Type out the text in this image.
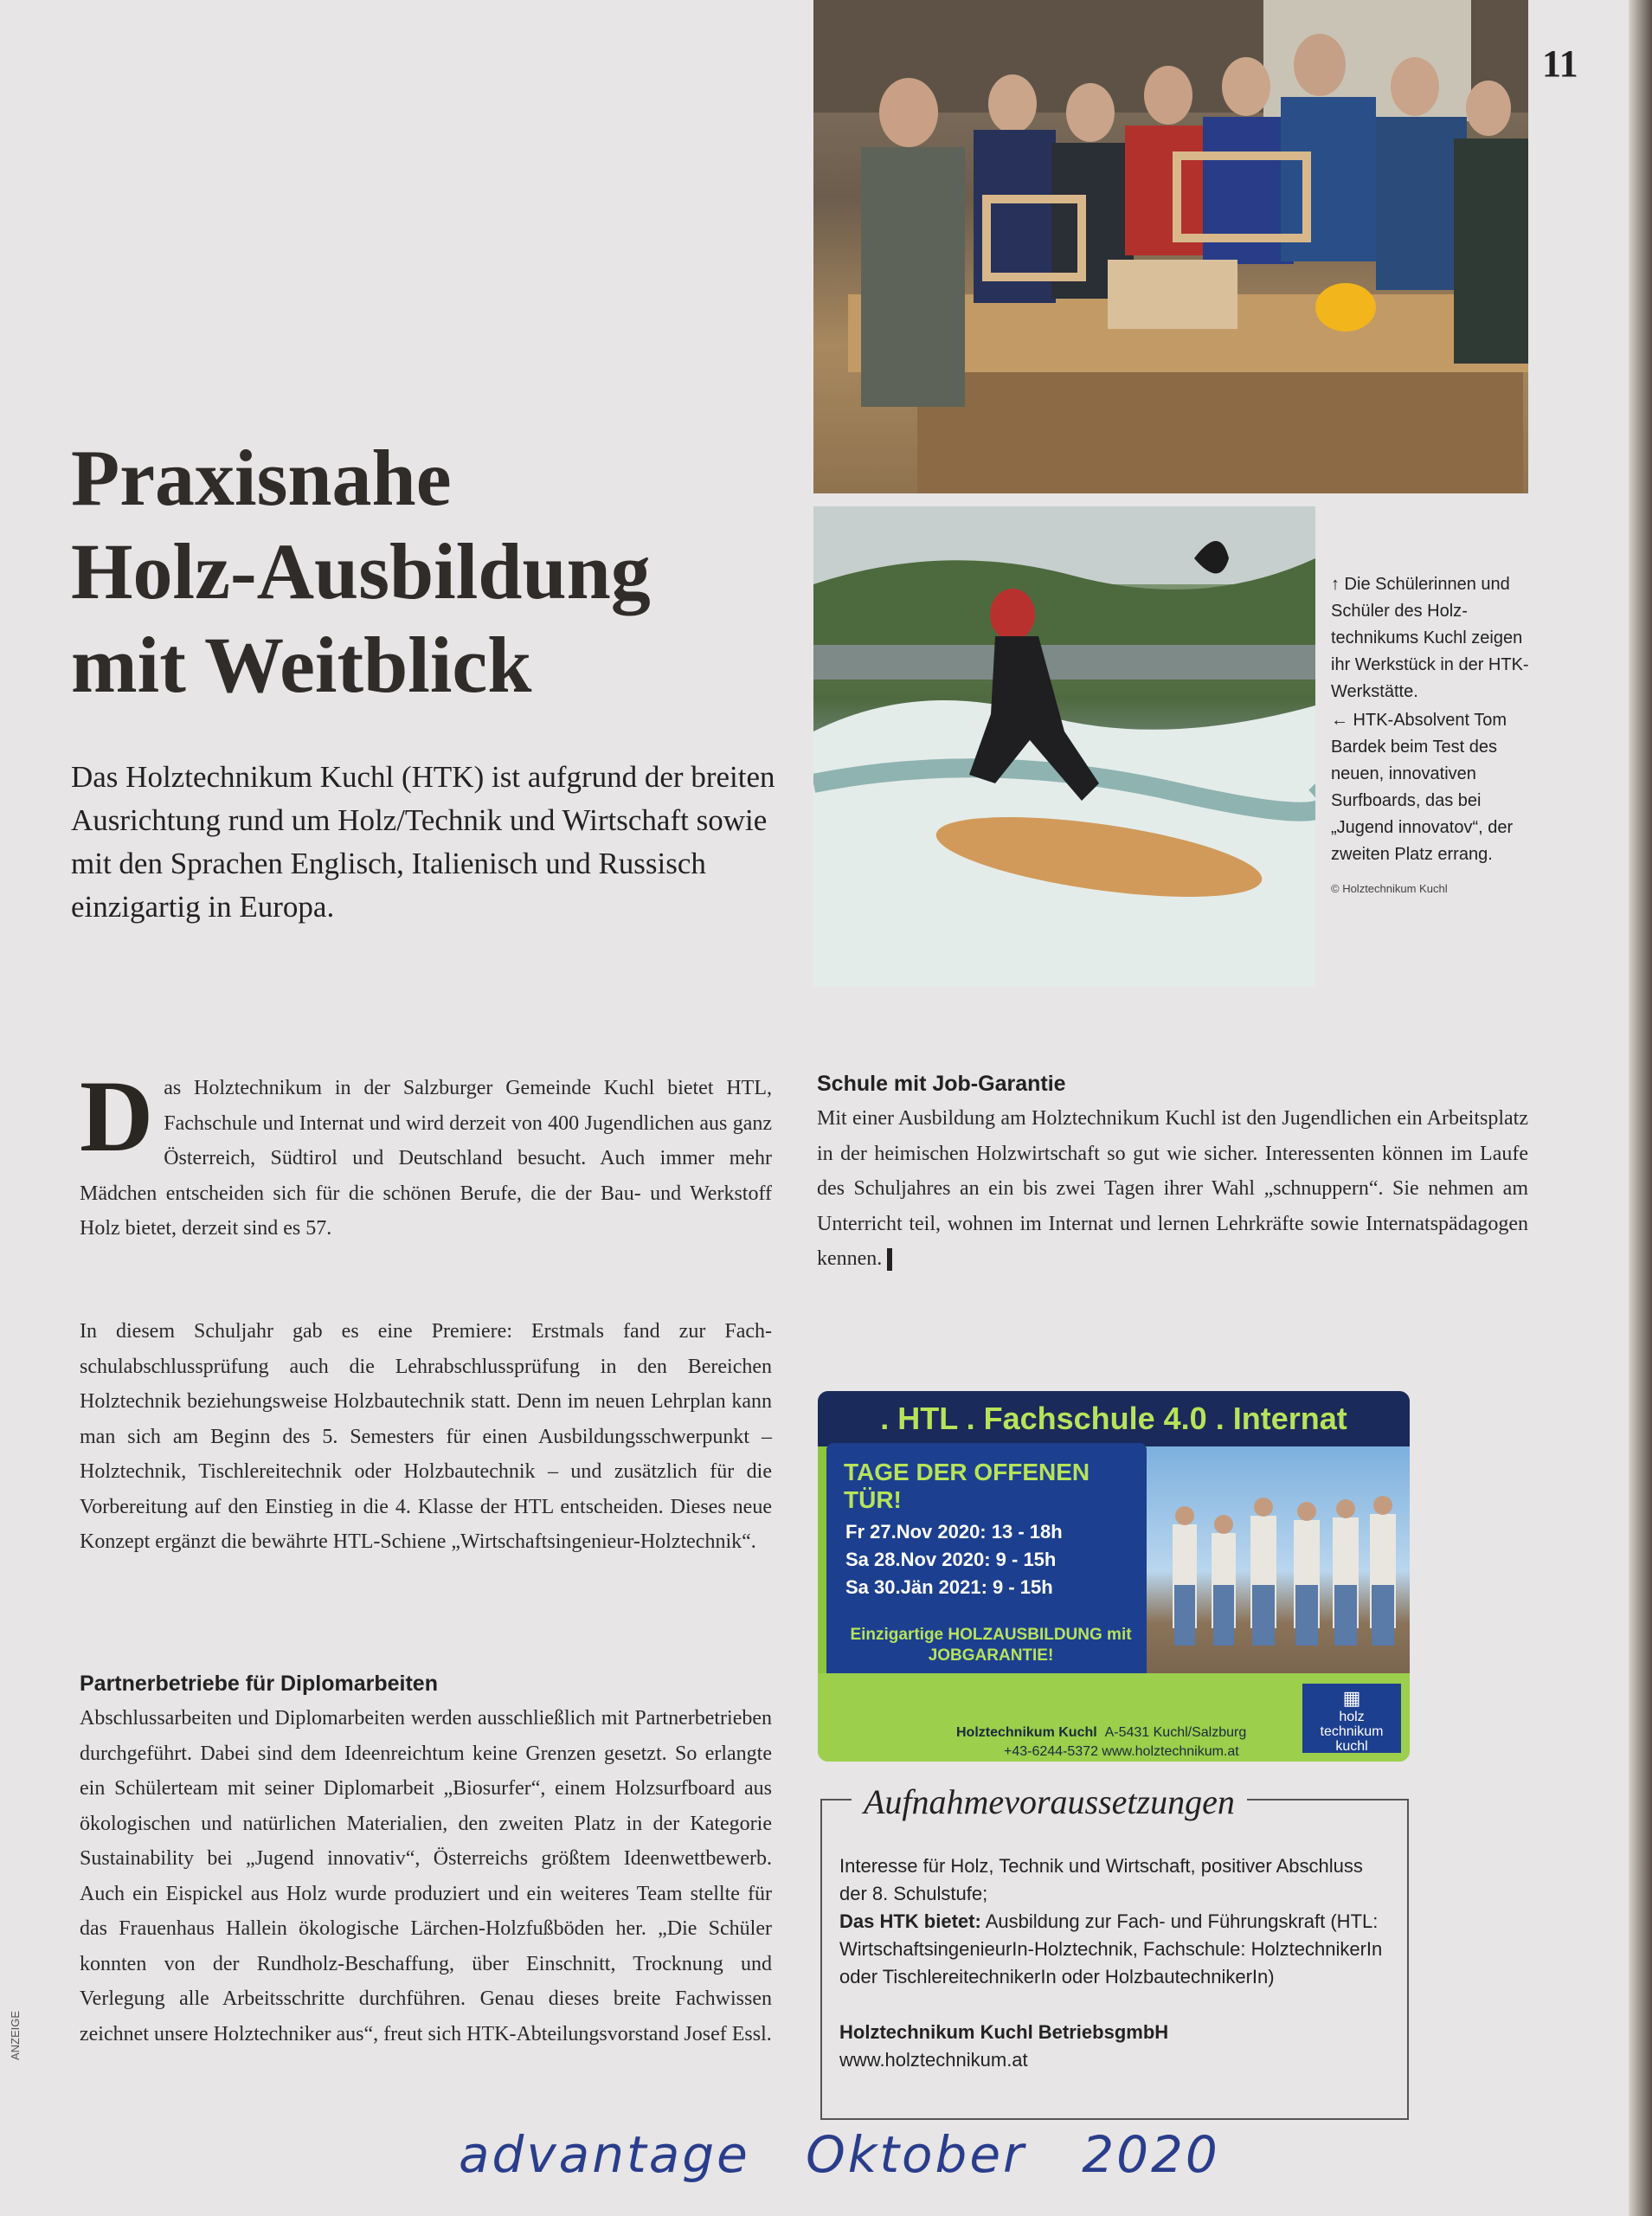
11

↑ Die Schülerinnen und Schüler des Holztechnikums Kuchl zeigen ihr Werkstück in der HTK-Werkstätte.

← HTK-Absolvent Tom Bardek beim Test des neuen, innovativen Surfboards, das bei „Jugend innovatov“, der zweiten Platz errang.

© Holztechnikum Kuchl
Praxisnahe
Holz-Ausbildung
mit Weitblick
Das Holztechnikum Kuchl (HTK) ist aufgrund der breiten Ausrichtung rund um Holz/Technik und Wirtschaft sowie mit den Sprachen Englisch, Italienisch und Russisch einzigartig in Europa.
Das Holztechnikum in der Salzburger Gemeinde Kuchl bietet HTL, Fachschule und Internat und wird derzeit von 400 Jugendlichen aus ganz Österreich, Südtirol und Deutschland besucht. Auch immer mehr Mädchen entscheiden sich für die schönen Berufe, die der Bau- und Werkstoff Holz bietet, derzeit sind es 57.
In diesem Schuljahr gab es eine Premiere: Erstmals fand zur Fachschulabschlussprüfung auch die Lehrabschlussprüfung in den Bereichen Holztechnik beziehungsweise Holzbautechnik statt. Denn im neuen Lehrplan kann man sich am Beginn des 5. Semesters für einen Ausbildungsschwerpunkt – Holztechnik, Tischlereitechnik oder Holzbautechnik – und zusätzlich für die Vorbereitung auf den Einstieg in die 4. Klasse der HTL entscheiden. Dieses neue Konzept ergänzt die bewährte HTL-Schiene „Wirtschaftsingenieur-Holztechnik“.
Partnerbetriebe für Diplomarbeiten
Abschlussarbeiten und Diplomarbeiten werden ausschließlich mit Partnerbetrieben durchgeführt. Dabei sind dem Ideenreichtum keine Grenzen gesetzt. So erlangte ein Schülerteam mit seiner Diplomarbeit „Biosurfer“, einem Holzsurfboard aus ökologischen und natürlichen Materialien, den zweiten Platz in der Kategorie Sustainability bei „Jugend innovativ“, Österreichs größtem Ideenwettbewerb. Auch ein Eispickel aus Holz wurde produziert und ein weiteres Team stellte für das Frauenhaus Hallein ökologische Lärchen-Holzfußböden her. „Die Schüler konnten von der Rundholz-Beschaffung, über Einschnitt, Trocknung und Verlegung alle Arbeitsschritte durchführen. Genau dieses breite Fachwissen zeichnet unsere Holztechniker aus“, freut sich HTK-Abteilungsvorstand Josef Essl.
Schule mit Job-Garantie
Mit einer Ausbildung am Holztechnikum Kuchl ist den Jugendlichen ein Arbeitsplatz in der heimischen Holzwirtschaft so gut wie sicher. Interessenten können im Laufe des Schuljahres an ein bis zwei Tagen ihrer Wahl „schnuppern“. Sie nehmen am Unterricht teil, wohnen im Internat und lernen Lehrkräfte sowie Internatspädagogen kennen.
. HTL . Fachschule 4.0 . Internat
TAGE DER OFFENEN TÜR!
Fr 27.Nov 2020: 13 - 18h
Sa 28.Nov 2020: 9 - 15h
Sa 30.Jän 2021: 9 - 15h
Einzigartige HOLZAUSBILDUNG mit JOBGARANTIE!
Holztechnikum Kuchl A-5431 Kuchl/Salzburg
+43-6244-5372 www.holztechnikum.at
▦
holz
technikum
kuchl
Aufnahmevoraussetzungen
Interesse für Holz, Technik und Wirtschaft, positiver Abschluss der 8. Schulstufe;
Das HTK bietet: Ausbildung zur Fach- und Führungskraft (HTL: WirtschaftsingenieurIn-Holztechnik, Fachschule: HolztechnikerIn oder TischlereitechnikerIn oder HolzbautechnikerIn)
Holztechnikum Kuchl BetriebsgmbH
www.holztechnikum.at
ANZEIGE
advantage   Oktober   2020
